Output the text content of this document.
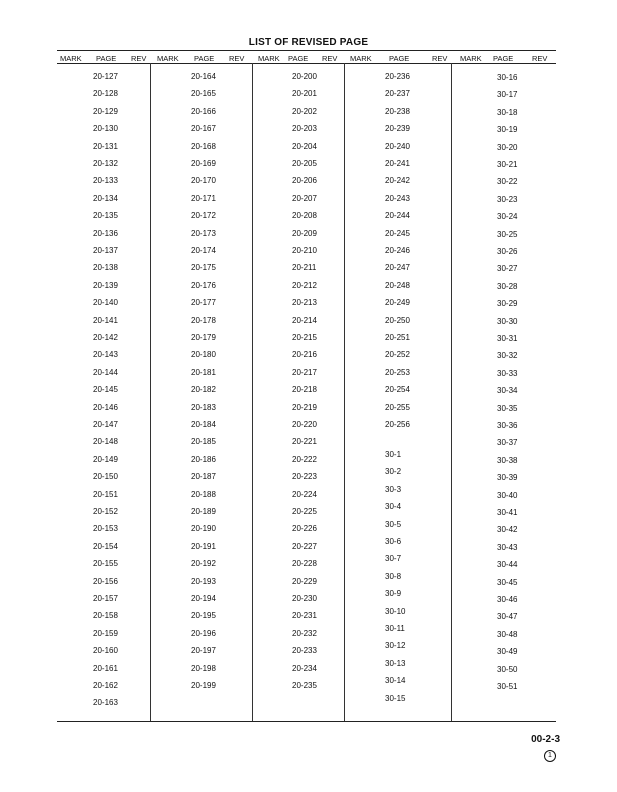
LIST OF REVISED PAGE
MARK PAGE REV MARK PAGE REV MARK PAGE REV MARK PAGE	REV MARK PAGE REV
20-127
20-128
20-129
20-130
20-131
20-132
20-133
20-134
20-135
20-136
20-137
20-138
20-139
20-140
20-141
20-142
20-143
20-144
20-145
20-146
20-147
20-148
20-149
20-150
20-151
20-152
20-153
20-154
20-155
20-156
20-157
20-158
20-159
20-160
20-161
20-162
20-163
20-164
20-165
20-166
20-167
20-168
20-169
20-170
20-171
20-172
20-173
20-174
20-175
20-176
20-177
20-178
20-179
20-180
20-181
20-182
20-183
20-184
20-185
20-186
20-187
20-188
20-189
20-190
20-191
20-192
20-193
20-194
20-195
20-196
20-197
20-198
20-199
20-200
20-201
20-202
20-203
20-204
20-205
20-206
20-207
20-208
20-209
20-210
20-211
20-212
20-213
20-214
20-215
20-216
20-217
20-218
20-219
20-220
20-221
20-222
20-223
20-224
20-225
20-226
20-227
20-228
20-229
20-230
20-231
20-232
20-233
20-234
20-235
20-236
20-237
20-238
20-239
20-240
20-241
20-242
20-243
20-244
20-245
20-246
20-247
20-248
20-249
20-250
20-251
20-252
20-253
20-254
20-255
20-256
30-1
30-2
30-3
30-4
30-5
30-6
30-7
30-8
30-9
30-10
30-11
30-12
30-13
30-14
30-15
30-16
30-17
30-18
30-19
30-20
30-21
30-22
30-23
30-24
30-25
30-26
30-27
30-28
30-29
30-30
30-31
30-32
30-33
30-34
30-35
30-36
30-37
30-38
30-39
30-40
30-41
30-42
30-43
30-44
30-45
30-46
30-47
30-48
30-49
30-50
30-51
00-2-3
1
